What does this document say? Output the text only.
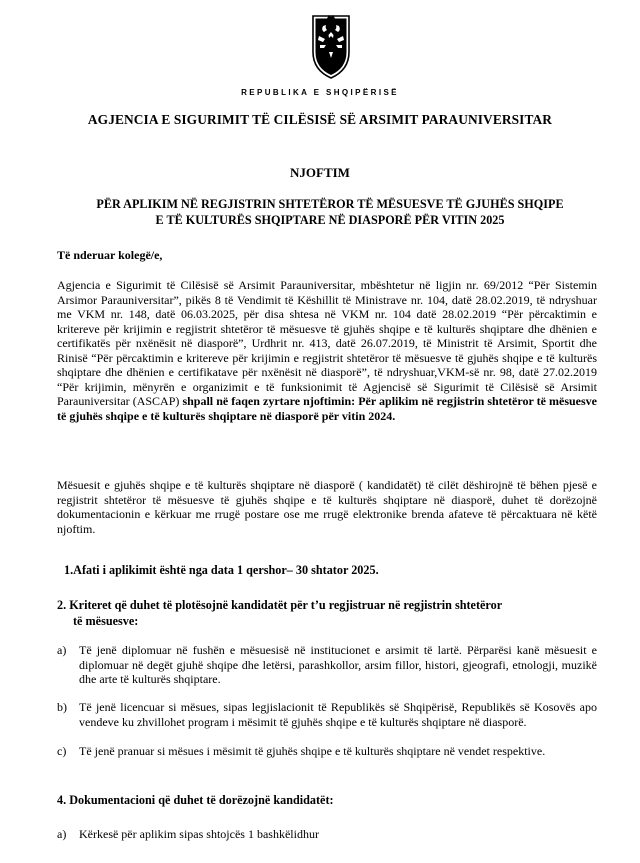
REPUBLIKA E SHQIPËRISË
AGJENCIA E SIGURIMIT TË CILËSISË SË ARSIMIT PARAUNIVERSITAR
NJOFTIM
PËR APLIKIM NË REGJISTRIN SHTETËROR TË MËSUESVE TË GJUHËS SHQIPE
E TË KULTURËS SHQIPTARE NË DIASPORË PËR VITIN 2025
Të nderuar kolegë/e,
Agjencia e Sigurimit të Cilësisë së Arsimit Parauniversitar, mbështetur në ligjin nr. 69/2012 “Për Sistemin Arsimor Parauniversitar”, pikës 8 të Vendimit të Këshillit të Ministrave nr. 104, datë 28.02.2019, të ndryshuar me VKM nr. 148, datë 06.03.2025, për disa shtesa në VKM nr. 104 datë 28.02.2019 “Për përcaktimin e kritereve për krijimin e regjistrit shtetëror të mësuesve të gjuhës shqipe e të kulturës shqiptare dhe dhënien e certifikatës për nxënësit në diasporë”, Urdhrit nr. 413, datë 26.07.2019, të Ministrit të Arsimit, Sportit dhe Rinisë “Për përcaktimin e kritereve për krijimin e regjistrit shtetëror të mësuesve të gjuhës shqipe e të kulturës shqiptare dhe dhënien e certifikatave për nxënësit në diasporë”, të ndryshuar,VKM-së nr. 98, datë 27.02.2019 “Për krijimin, mënyrën e organizimit e të funksionimit të Agjencisë së Sigurimit të Cilësisë së Arsimit Parauniversitar (ASCAP) shpall në faqen zyrtare njoftimin: Për aplikim në regjistrin shtetëror të mësuesve të gjuhës shqipe e të kulturës shqiptare në diasporë për vitin 2024.
Mësuesit e gjuhës shqipe e të kulturës shqiptare në diasporë ( kandidatët) të cilët dëshirojnë të bëhen pjesë e regjistrit shtetëror të mësuesve të gjuhës shqipe e të kulturës shqiptare në diasporë, duhet të dorëzojnë dokumentacionin e kërkuar me rrugë postare ose me rrugë elektronike brenda afateve të përcaktuara në këtë njoftim.
1.Afati i aplikimit është nga data 1 qershor– 30 shtator 2025.
2. Kriteret që duhet të plotësojnë kandidatët për t’u regjistruar në regjistrin shtetëror
të mësuesve:
a) Të jenë diplomuar në fushën e mësuesisë në institucionet e arsimit të lartë. Përparësi kanë mësuesit e diplomuar në degët gjuhë shqipe dhe letërsi, parashkollor, arsim fillor, histori, gjeografi, etnologji, muzikë dhe arte të kulturës shqiptare.
b) Të jenë licencuar si mësues, sipas legjislacionit të Republikës së Shqipërisë, Republikës së Kosovës apo vendeve ku zhvillohet program i mësimit të gjuhës shqipe e të kulturës shqiptare në diasporë.
c) Të jenë pranuar si mësues i mësimit të gjuhës shqipe e të kulturës shqiptare në vendet respektive.
4. Dokumentacioni që duhet të dorëzojnë kandidatët:
a) Kërkesë për aplikim sipas shtojcës 1 bashkëlidhur
